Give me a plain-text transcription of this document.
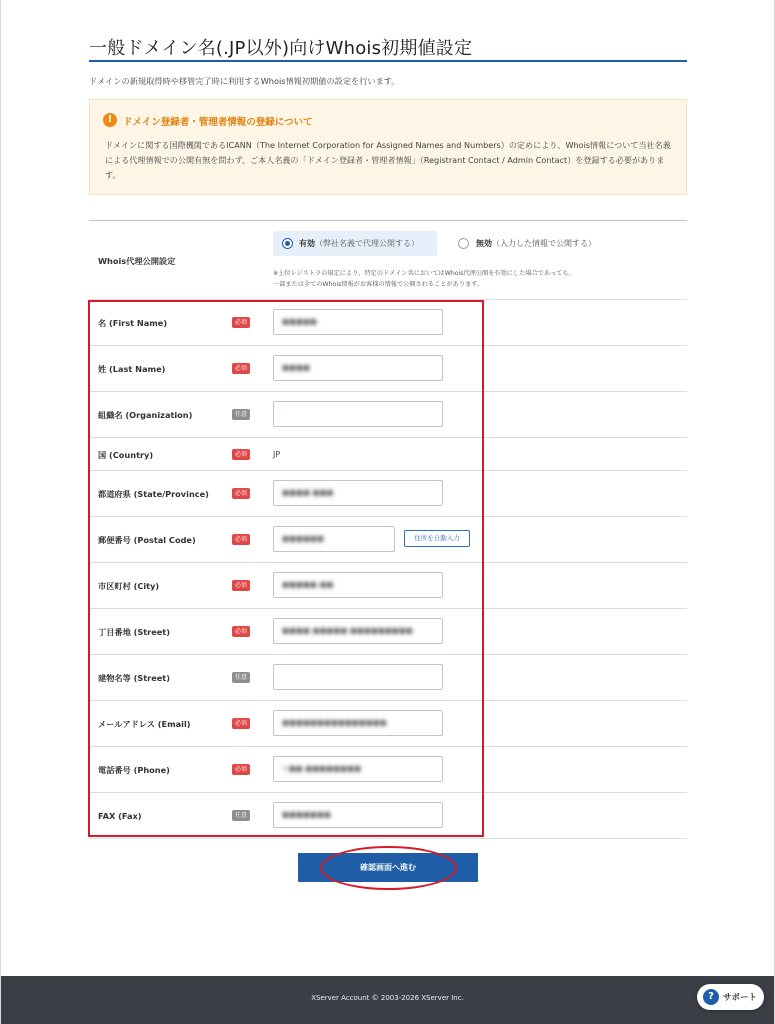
一般ドメイン名(.JP以外)向けWhois初期値設定

ドメインの新規取得時や移管完了時に利用するWhois情報初期値の設定を行います。

!	ドメイン登録者・管理者情報の登録について
ドメインに関する国際機関であるICANN（The Internet Corporation for Assigned Names and Numbers）の定めにより、Whois情報について当社名義による代理情報での公開有無を問わず、ご本人名義の「ドメイン登録者・管理者情報」（Registrant Contact / Admin Contact）を登録する必要があります。
Whois代理公開設定
有効（弊社名義で代理公開する）	無効（入力した情報で公開する）
※上位レジストラの規定により、特定のドメイン名においてはWhois代理公開を有効にした場合であっても、
一部または全てのWhois情報がお客様の情報で公開されることがあります。
名 (First Name)	必須	●●●●●
姓 (Last Name)	必須	●●●●
組織名 (Organization)	任意
国 (Country)	必須	JP
都道府県 (State/Province)	必須	●●●● ●●●
郵便番号 (Postal Code)	必須	●●●●●●	住所を自動入力
市区町村 (City)	必須	●●●●● ●●
丁目番地 (Street)	必須	●●●● ●●●●● ●●●●●●●●●
建物名等 (Street)	任意
メールアドレス (Email)	必須	●●●●●●●●●●●●●●●
電話番号 (Phone)	必須	+●● ●●●●●●●●
FAX (Fax)	任意	●●●●●●●
確認画面へ進む
XServer Account © 2003-2026 XServer Inc.	?	サポート
